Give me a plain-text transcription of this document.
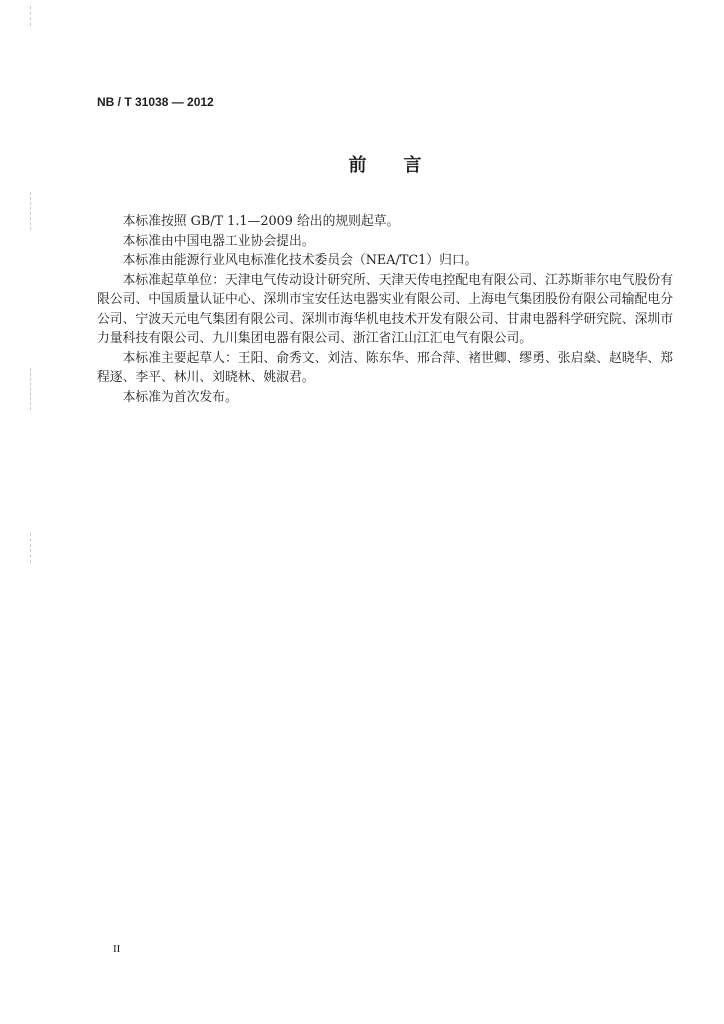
NB / T 31038 — 2012
前言
本标准按照 GB/T 1.1—2009 给出的规则起草。
本标准由中国电器工业协会提出。
本标准由能源行业风电标准化技术委员会（NEA/TC1）归口。
本标准起草单位：天津电气传动设计研究所、天津天传电控配电有限公司、江苏斯菲尔电气股份有
限公司、中国质量认证中心、深圳市宝安任达电器实业有限公司、上海电气集团股份有限公司输配电分
公司、宁波天元电气集团有限公司、深圳市海华机电技术开发有限公司、甘肃电器科学研究院、深圳市
力量科技有限公司、九川集团电器有限公司、浙江省江山江汇电气有限公司。
本标准主要起草人：王阳、俞秀文、刘洁、陈东华、邢合萍、褚世卿、缪勇、张启燊、赵晓华、郑
程逐、李平、林川、刘晓林、姚淑君。
本标准为首次发布。
II
